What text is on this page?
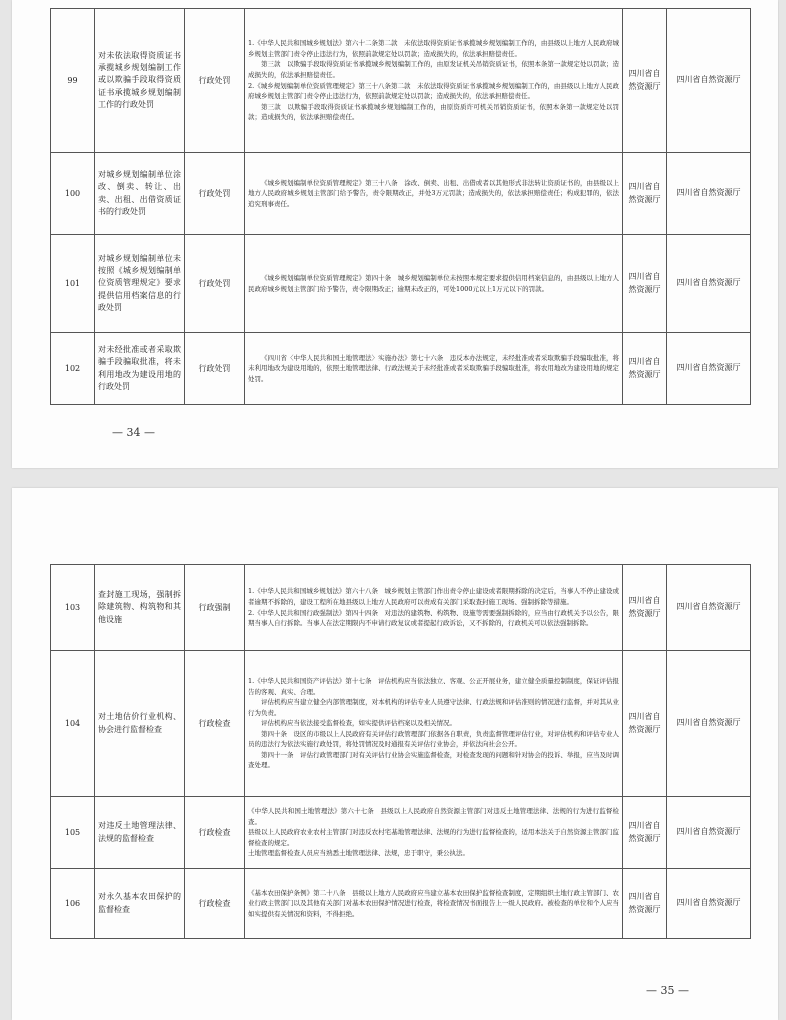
99	对未依法取得资质证书承揽城乡规划编制工作或以欺骗手段取得资质证书承揽城乡规划编制工作的行政处罚	行政处罚	1.《中华人民共和国城乡规划法》第六十二条第二款　未依法取得资质证书承揽城乡规划编制工作的，由县级以上地方人民政府城乡规划主管部门责令停止违法行为，依照前款规定处以罚款；造成损失的，依法承担赔偿责任。

第三款　以欺骗手段取得资质证书承揽城乡规划编制工作的，由原发证机关吊销资质证书，依照本条第一款规定处以罚款；造成损失的，依法承担赔偿责任。

2.《城乡规划编制单位资质管理规定》第三十八条第二款　未依法取得资质证书承揽城乡规划编制工作的，由县级以上地方人民政府城乡规划主管部门责令停止违法行为，依照前款规定处以罚款；造成损失的，依法承担赔偿责任。

第三款　以欺骗手段取得资质证书承揽城乡规划编制工作的，由原资质许可机关吊销资质证书，依照本条第一款规定处以罚款；造成损失的，依法承担赔偿责任。	四川省自然资源厅	四川省自然资源厅
100	对城乡规划编制单位涂改、倒卖、转让、出卖、出租、出借资质证书的行政处罚	行政处罚	《城乡规划编制单位资质管理规定》第三十八条　涂改、倒卖、出租、出借或者以其他形式非法转让资质证书的，由县级以上地方人民政府城乡规划主管部门给予警告，责令限期改正，并处3万元罚款；造成损失的，依法承担赔偿责任；构成犯罪的，依法追究刑事责任。	四川省自然资源厅	四川省自然资源厅
101	对城乡规划编制单位未按照《城乡规划编制单位资质管理规定》要求提供信用档案信息的行政处罚	行政处罚	《城乡规划编制单位资质管理规定》第四十条　城乡规划编制单位未按照本规定要求提供信用档案信息的，由县级以上地方人民政府城乡规划主管部门给予警告，责令限期改正；逾期未改正的，可处1000元以上1万元以下的罚款。	四川省自然资源厅	四川省自然资源厅
102	对未经批准或者采取欺骗手段骗取批准，将未利用地改为建设用地的行政处罚	行政处罚	《四川省〈中华人民共和国土地管理法〉实施办法》第七十六条　违反本办法规定，未经批准或者采取欺骗手段骗取批准，将未利用地改为建设用地的，依照土地管理法律、行政法规关于未经批准或者采取欺骗手段骗取批准，将农用地改为建设用地的规定处罚。	四川省自然资源厅	四川省自然资源厅
— 34 —
103	查封施工现场，强制拆除建筑物、构筑物和其他设施	行政强制	1.《中华人民共和国城乡规划法》第六十八条　城乡规划主管部门作出责令停止建设或者限期拆除的决定后，当事人不停止建设或者逾期不拆除的，建设工程所在地县级以上地方人民政府可以责成有关部门采取查封施工现场、强制拆除等措施。

2.《中华人民共和国行政强制法》第四十四条　对违法的建筑物、构筑物、设施等需要强制拆除的，应当由行政机关予以公告，限期当事人自行拆除。当事人在法定期限内不申请行政复议或者提起行政诉讼，又不拆除的，行政机关可以依法强制拆除。	四川省自然资源厅	四川省自然资源厅
104	对土地估价行业机构、协会进行监督检查	行政检查	1.《中华人民共和国资产评估法》第十七条　评估机构应当依法独立、客观、公正开展业务，建立健全质量控制制度，保证评估报告的客观、真实、合理。

评估机构应当建立健全内部管理制度，对本机构的评估专业人员遵守法律、行政法规和评估准则的情况进行监督，并对其从业行为负责。

评估机构应当依法接受监督检查，如实提供评估档案以及相关情况。

第四十条　设区的市级以上人民政府有关评估行政管理部门依据各自职责，负责监督管理评估行业，对评估机构和评估专业人员的违法行为依法实施行政处罚，将处罚情况及时通报有关评估行业协会，并依法向社会公开。

第四十一条　评估行政管理部门对有关评估行业协会实施监督检查，对检查发现的问题和针对协会的投诉、举报，应当及时调查处理。	四川省自然资源厅	四川省自然资源厅
105	对违反土地管理法律、法规的监督检查	行政检查	《中华人民共和国土地管理法》第六十七条　县级以上人民政府自然资源主管部门对违反土地管理法律、法规的行为进行监督检查。

县级以上人民政府农业农村主管部门对违反农村宅基地管理法律、法规的行为进行监督检查的，适用本法关于自然资源主管部门监督检查的规定。

土地管理监督检查人员应当熟悉土地管理法律、法规，忠于职守，秉公执法。	四川省自然资源厅	四川省自然资源厅
106	对永久基本农田保护的监督检查	行政检查	《基本农田保护条例》第二十八条　县级以上地方人民政府应当建立基本农田保护监督检查制度，定期组织土地行政主管部门、农业行政主管部门以及其他有关部门对基本农田保护情况进行检查，将检查情况书面报告上一级人民政府。被检查的单位和个人应当如实提供有关情况和资料，不得拒绝。	四川省自然资源厅	四川省自然资源厅
— 35 —
